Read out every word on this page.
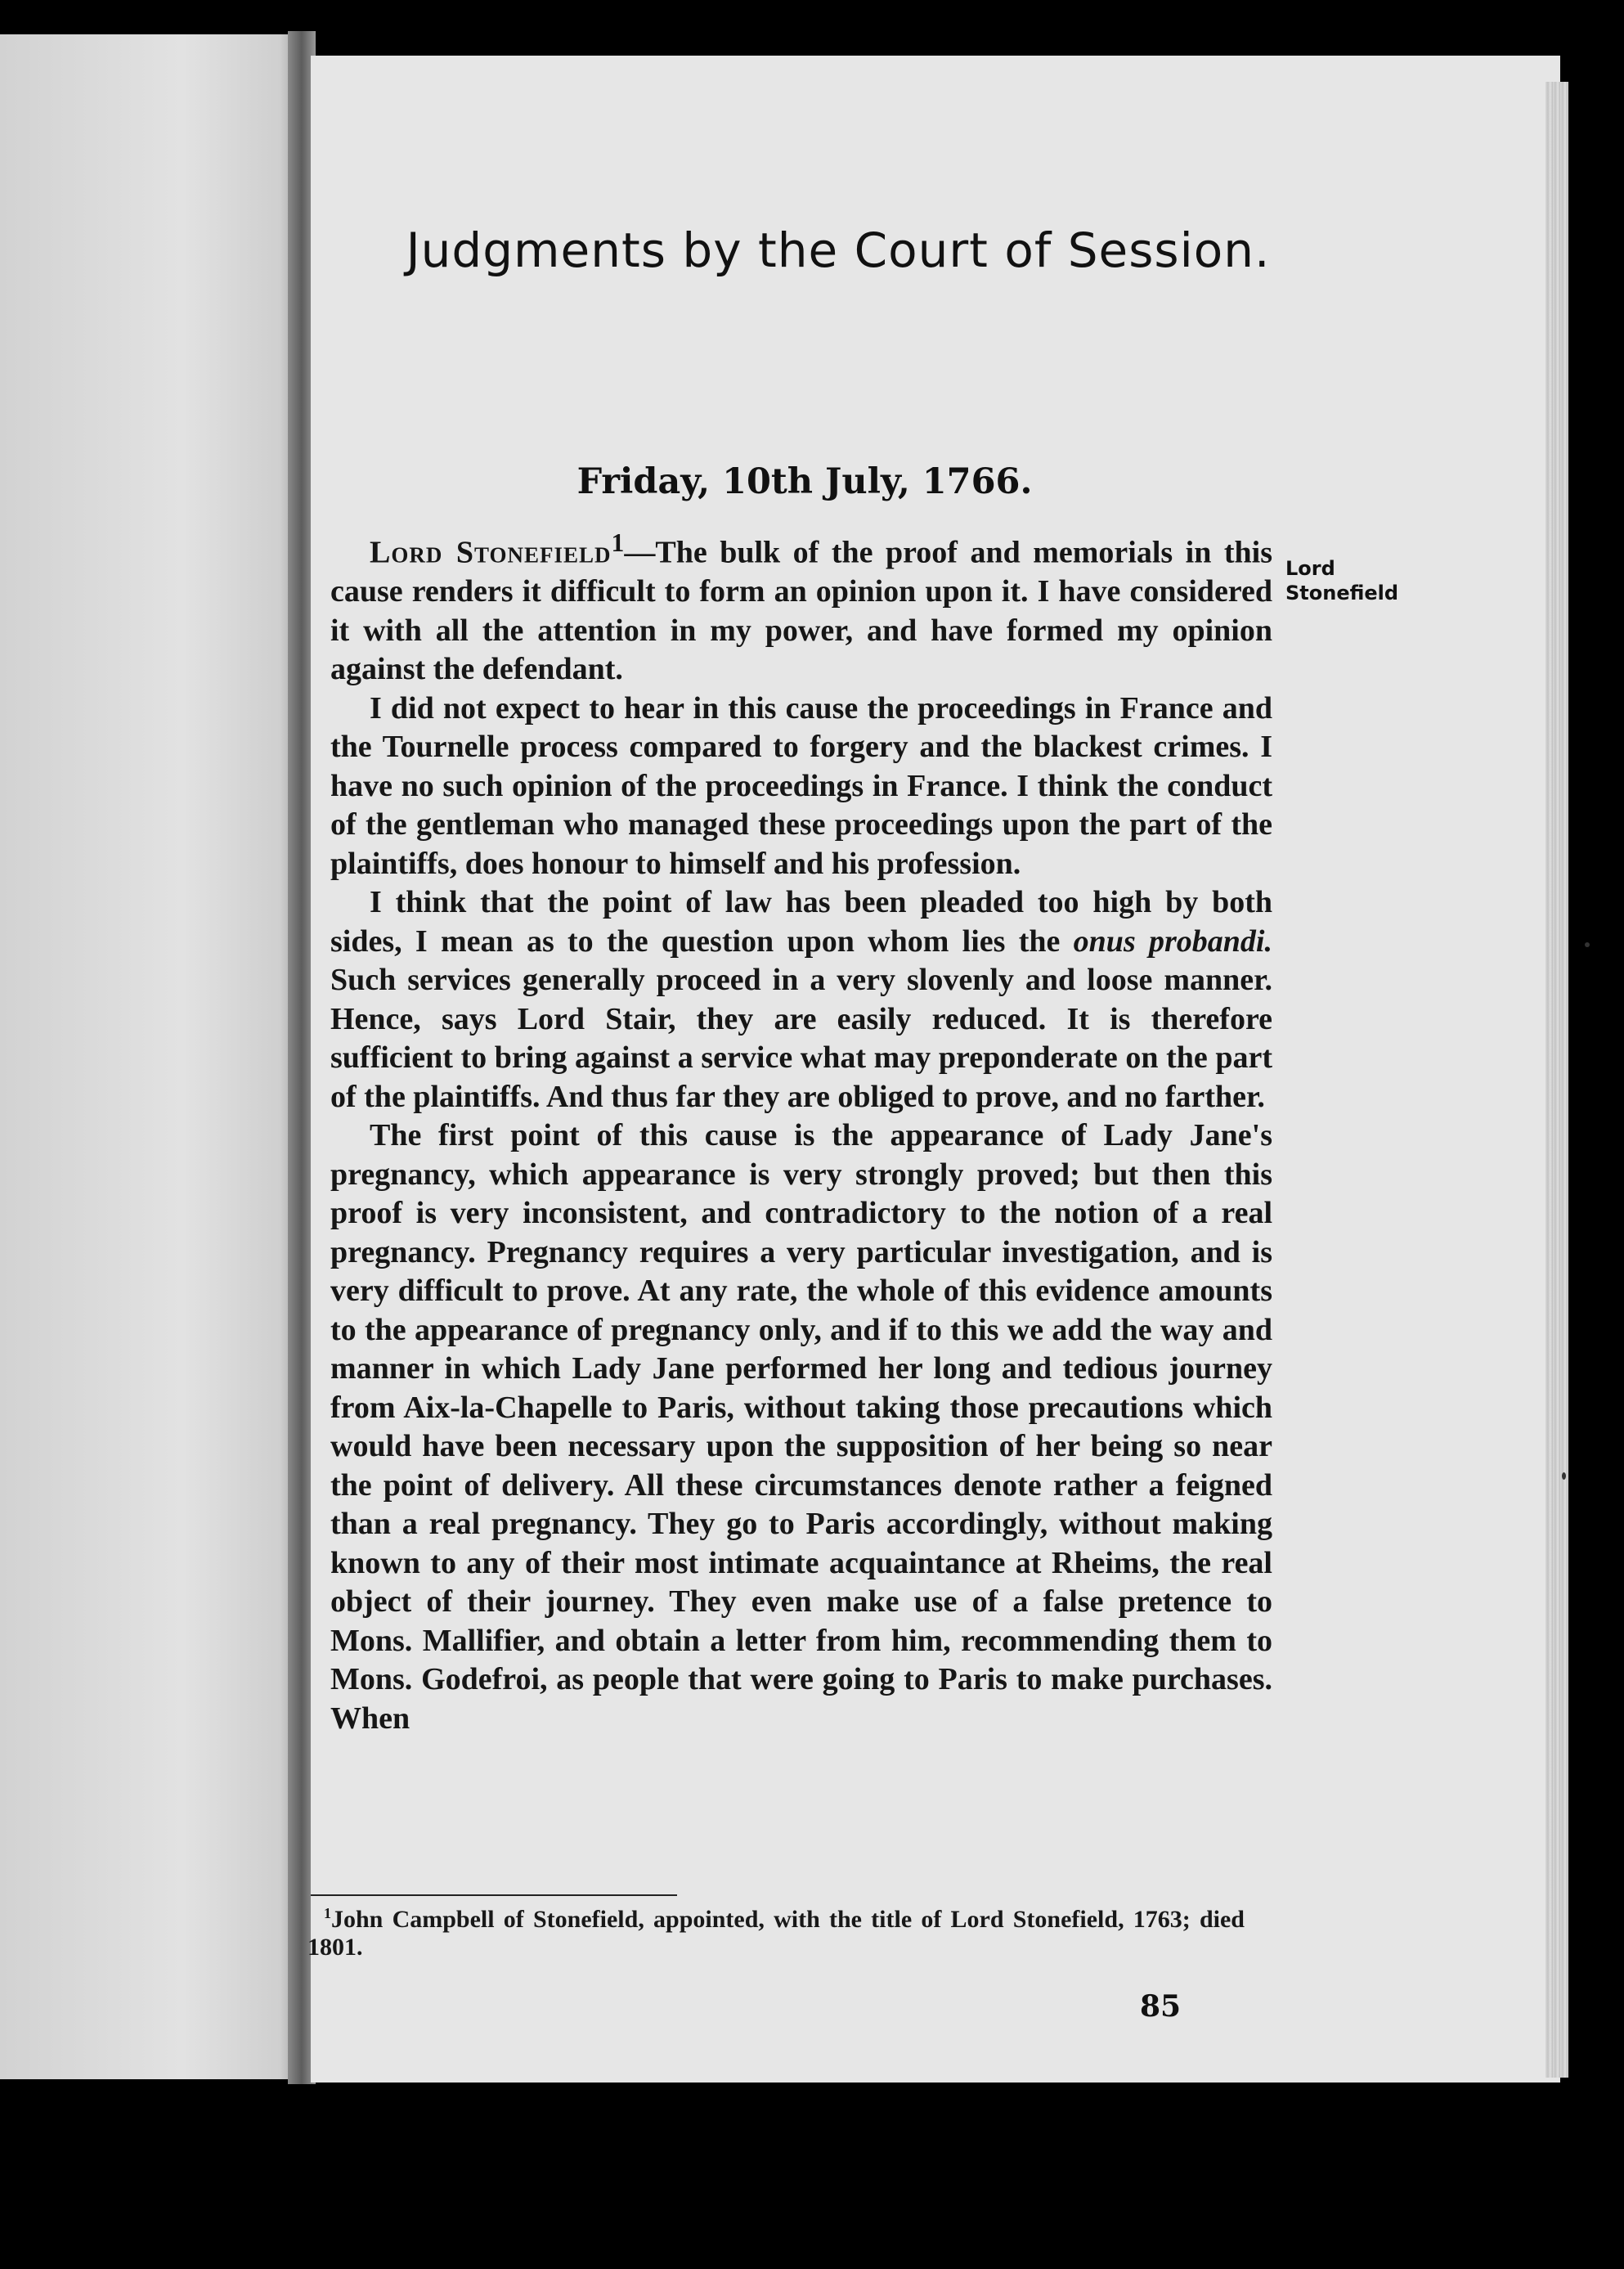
Judgments by the Court of Session.
Friday, 10th July, 1766.
Lord
Stonefield

Lord Stonefield$^1$—The bulk of the proof and memorials in this cause renders it difficult to form an opinion upon it. I have considered it with all the attention in my power, and have formed my opinion against the defendant.

I did not expect to hear in this cause the proceedings in France and the Tournelle process compared to forgery and the blackest crimes. I have no such opinion of the proceedings in France. I think the conduct of the gentleman who managed these proceedings upon the part of the plaintiffs, does honour to himself and his profession.

I think that the point of law has been pleaded too high by both sides, I mean as to the question upon whom lies the onus probandi. Such services generally proceed in a very slovenly and loose manner. Hence, says Lord Stair, they are easily reduced. It is therefore sufficient to bring against a service what may preponderate on the part of the plaintiffs. And thus far they are obliged to prove, and no farther.

The first point of this cause is the appearance of Lady Jane's pregnancy, which appearance is very strongly proved; but then this proof is very inconsistent, and contradictory to the notion of a real pregnancy. Pregnancy requires a very particular investigation, and is very difficult to prove. At any rate, the whole of this evidence amounts to the appearance of pregnancy only, and if to this we add the way and manner in which Lady Jane performed her long and tedious journey from Aix-la-Chapelle to Paris, without taking those precautions which would have been necessary upon the supposition of her being so near the point of delivery. All these circumstances denote rather a feigned than a real pregnancy. They go to Paris accordingly, without making known to any of their most intimate acquaintance at Rheims, the real object of their journey. They even make use of a false pretence to Mons. Mallifier, and obtain a letter from him, recommending them to Mons. Godefroi, as people that were going to Paris to make purchases. When

$^1$John Campbell of Stonefield, appointed, with the title of Lord Stonefield, 1763; died 1801.
85
